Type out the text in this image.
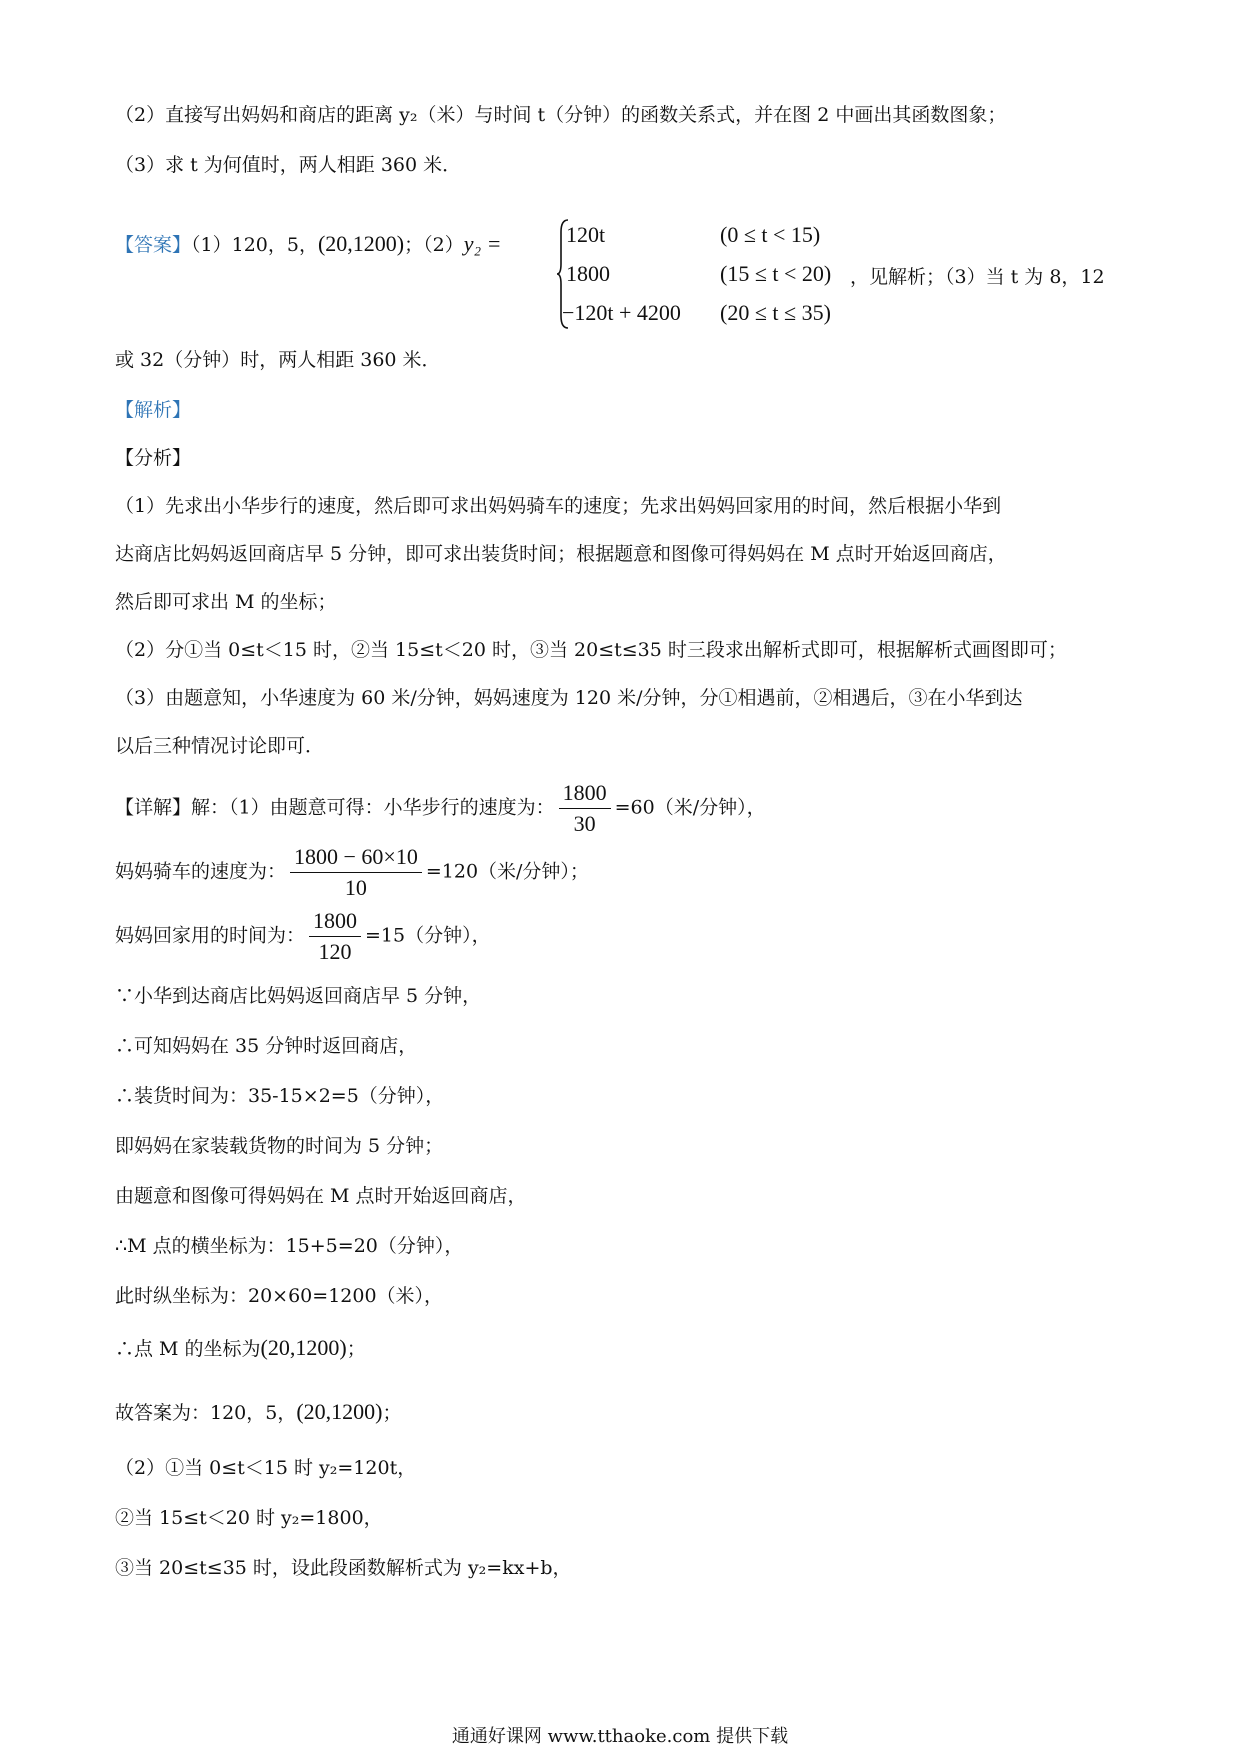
（2）直接写出妈妈和商店的距离 y₂（米）与时间 t（分钟）的函数关系式，并在图 2 中画出其函数图象；
（3）求 t 为何值时，两人相距 360 米．
【答案】（1）120，5，(20,1200)；（2）y₂ =	120t	(0 ≤ t < 15)
1800	(15 ≤ t < 20)
−120t + 4200 (20 ≤ t ≤ 35)
，见解析；（3）当 t 为 8，12
或 32（分钟）时，两人相距 360 米．
【解析】
【分析】
（1）先求出小华步行的速度，然后即可求出妈妈骑车的速度；先求出妈妈回家用的时间，然后根据小华到
达商店比妈妈返回商店早 5 分钟，即可求出装货时间；根据题意和图像可得妈妈在 M 点时开始返回商店，
然后即可求出 M 的坐标；
（2）分①当 0≤t＜15 时，②当 15≤t＜20 时，③当 20≤t≤35 时三段求出解析式即可，根据解析式画图即可；
（3）由题意知，小华速度为 60 米/分钟，妈妈速度为 120 米/分钟，分①相遇前，②相遇后，③在小华到达
以后三种情况讨论即可．
【详解】解：（1）由题意可得：小华步行的速度为： $\frac{1800}{30} =60$（米/分钟），
妈妈骑车的速度为： $\frac{1800 - 60\times 10}{10} =120$（米/分钟）；
妈妈回家用的时间为： $\frac{1800}{120} =15$（分钟），
∵小华到达商店比妈妈返回商店早 5 分钟，
∴可知妈妈在 35 分钟时返回商店，
∴装货时间为：35-15×2=5（分钟），
即妈妈在家装载货物的时间为 5 分钟；
由题意和图像可得妈妈在 M 点时开始返回商店，
∴M 点的横坐标为：15+5=20（分钟），
此时纵坐标为：20×60=1200（米），
∴点 M 的坐标为(20,1200)；
故答案为：120，5，(20,1200)；
（2）①当 0≤t＜15 时 y₂=120t，
②当 15≤t＜20 时 y₂=1800，
③当 20≤t≤35 时，设此段函数解析式为 y₂=kx+b，
通通好课网 www.tthaoke.com 提供下载
